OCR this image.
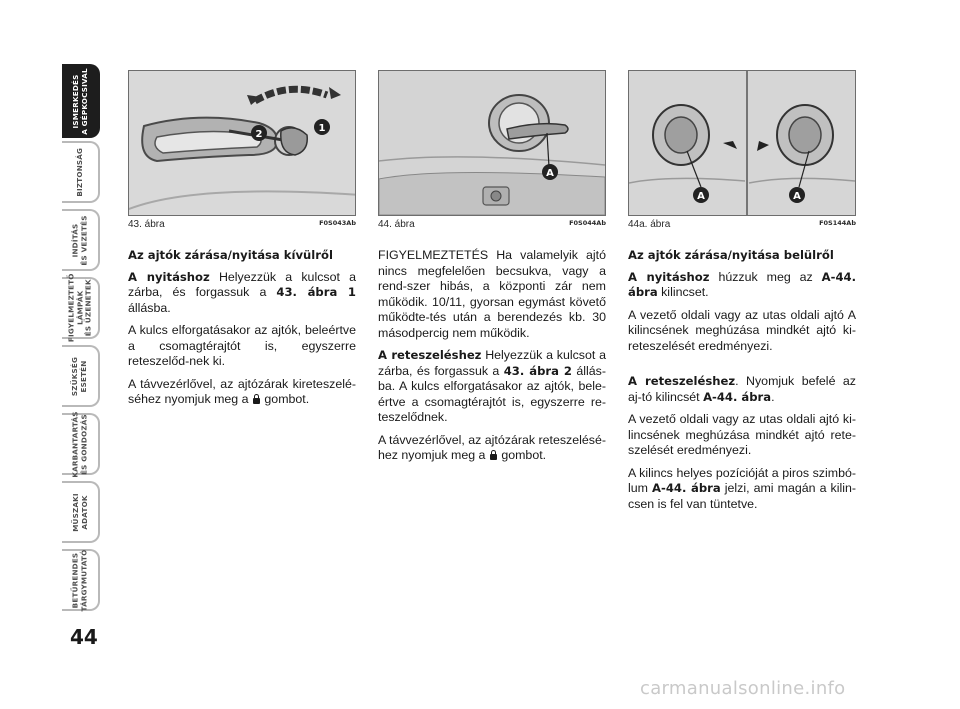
ISMERKEDÉS A GÉPKOCSIVAL
BIZTONSÁG
INDÍTÁS ÉS VEZETÉS
FIGYELMEZTETŐ LÁMPÁK ÉS ÜZENETEK
SZÜKSÉG ESETÉN
KARBANTARTÁS ÉS GONDOZÁS
MŰSZAKI ADATOK
BETŰRENDES TÁRGYMUTATÓ
44
2
1
43. ábra	F0S043Ab
A
44. ábra	F0S044Ab
A	A
44a. ábra	F0S144Ab
Az ajtók zárása/nyitása kívülről

A nyitáshoz Helyezzük a kulcsot a zárba, és forgassuk a 43. ábra 1 állásba.

A kulcs elforgatásakor az ajtók, beleértve a csomagtérajtót is, egyszerre reteszelőd-nek ki.

A távvezérlővel, az ajtózárak kireteszelé-séhez nyomjuk meg a  gombot.

FIGYELMEZTETÉS Ha valamelyik ajtó nincs megfelelően becsukva, vagy a rend-szer hibás, a központi zár nem működik. 10/11, gyorsan egymást követő működte-tés után a berendezés kb. 30 másodpercig nem működik.

A reteszeléshez Helyezzük a kulcsot a zárba, és forgassuk a 43. ábra 2 állás-ba. A kulcs elforgatásakor az ajtók, bele-értve a csomagtérajtót is, egyszerre re-teszelődnek.

A távvezérlővel, az ajtózárak reteszelésé-hez nyomjuk meg a  gombot.

Az ajtók zárása/nyitása belülről

A nyitáshoz húzzuk meg az A-44. ábra kilincset.

A vezető oldali vagy az utas oldali ajtó A kilincsének meghúzása mindkét ajtó ki-reteszelését eredményezi.

A reteszeléshez. Nyomjuk befelé az aj-tó kilincsét A-44. ábra.

A vezető oldali vagy az utas oldali ajtó ki-lincsének meghúzása mindkét ajtó rete-szelését eredményezi.

A kilincs helyes pozícióját a piros szimbó-lum A-44. ábra jelzi, ami magán a kilin-csen is fel van tüntetve.

carmanualsonline.info
